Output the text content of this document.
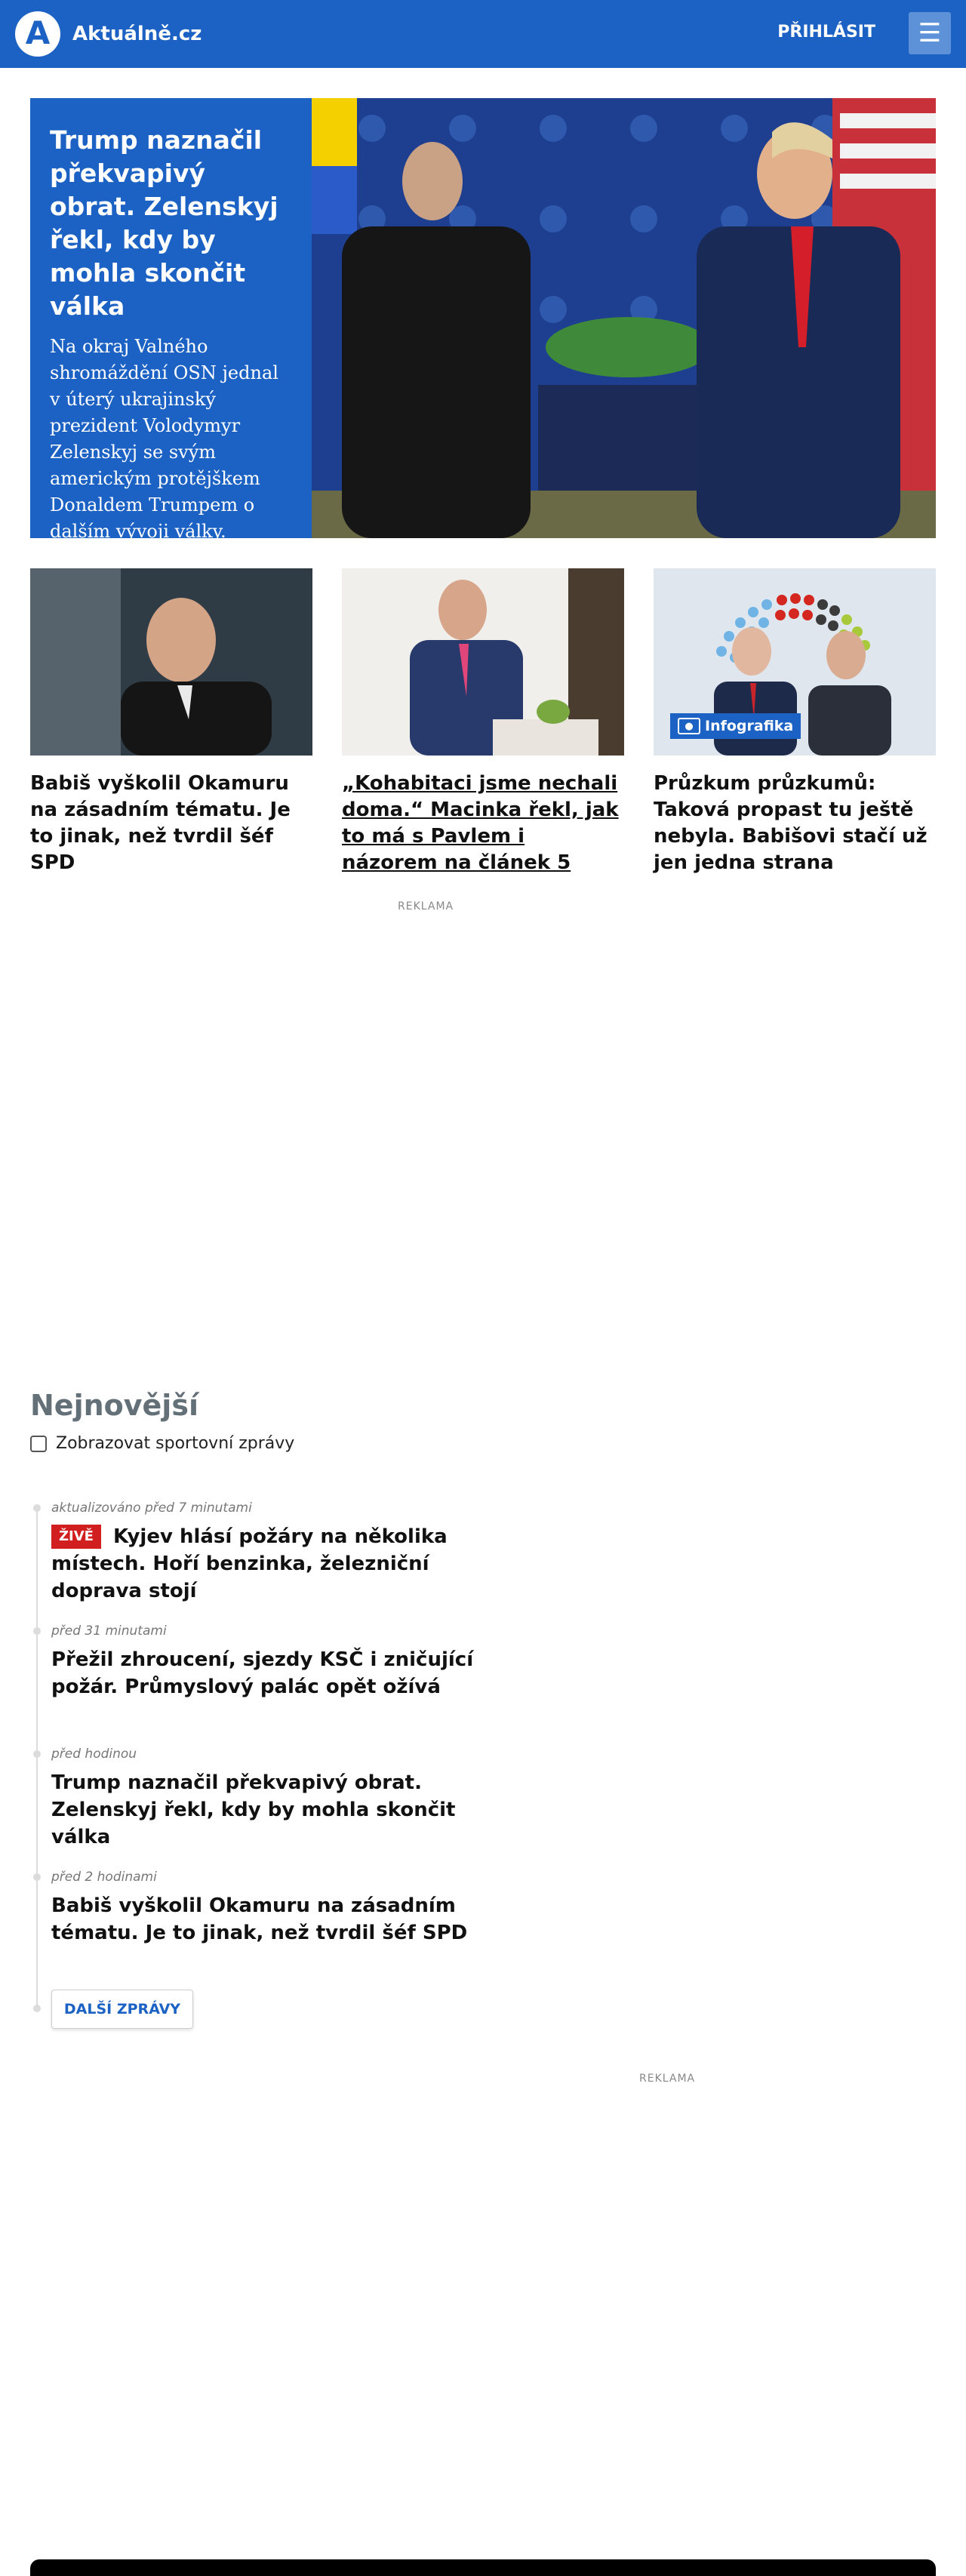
A Aktuálně.cz	PŘIHLÁSIT ☰
Trump naznačil překvapivý obrat. Zelenskyj řekl, kdy by mohla skončit válka
Na okraj Valného shromáždění OSN jednal v úterý ukrajinský prezident Volodymyr Zelenskyj se svým americkým protějškem Donaldem Trumpem o dalším vývoji války. Ukrajin…
Babiš vyškolil Okamuru na zásadním tématu. Je to jinak, než tvrdil šéf SPD
„Kohabitaci jsme nechali doma.“ Macinka řekl, jak to má s Pavlem i názorem na článek 5
● Infografika
Průzkum průzkumů: Taková propast tu ještě nebyla. Babišovi stačí už jen jedna strana
REKLAMA
REKLAMA
Nejnovější
Zobrazovat sportovní zprávy
aktualizováno před 7 minutami
ŽIVĚ Kyjev hlásí požáry na několika místech. Hoří benzinka, železniční doprava stojí
před 31 minutami
Přežil zhroucení, sjezdy KSČ i zničující požár. Průmyslový palác opět ožívá
před hodinou
Trump naznačil překvapivý obrat. Zelenskyj řekl, kdy by mohla skončit válka
před 2 hodinami
Babiš vyškolil Okamuru na zásadním tématu. Je to jinak, než tvrdil šéf SPD
DALŠÍ ZPRÁVY
